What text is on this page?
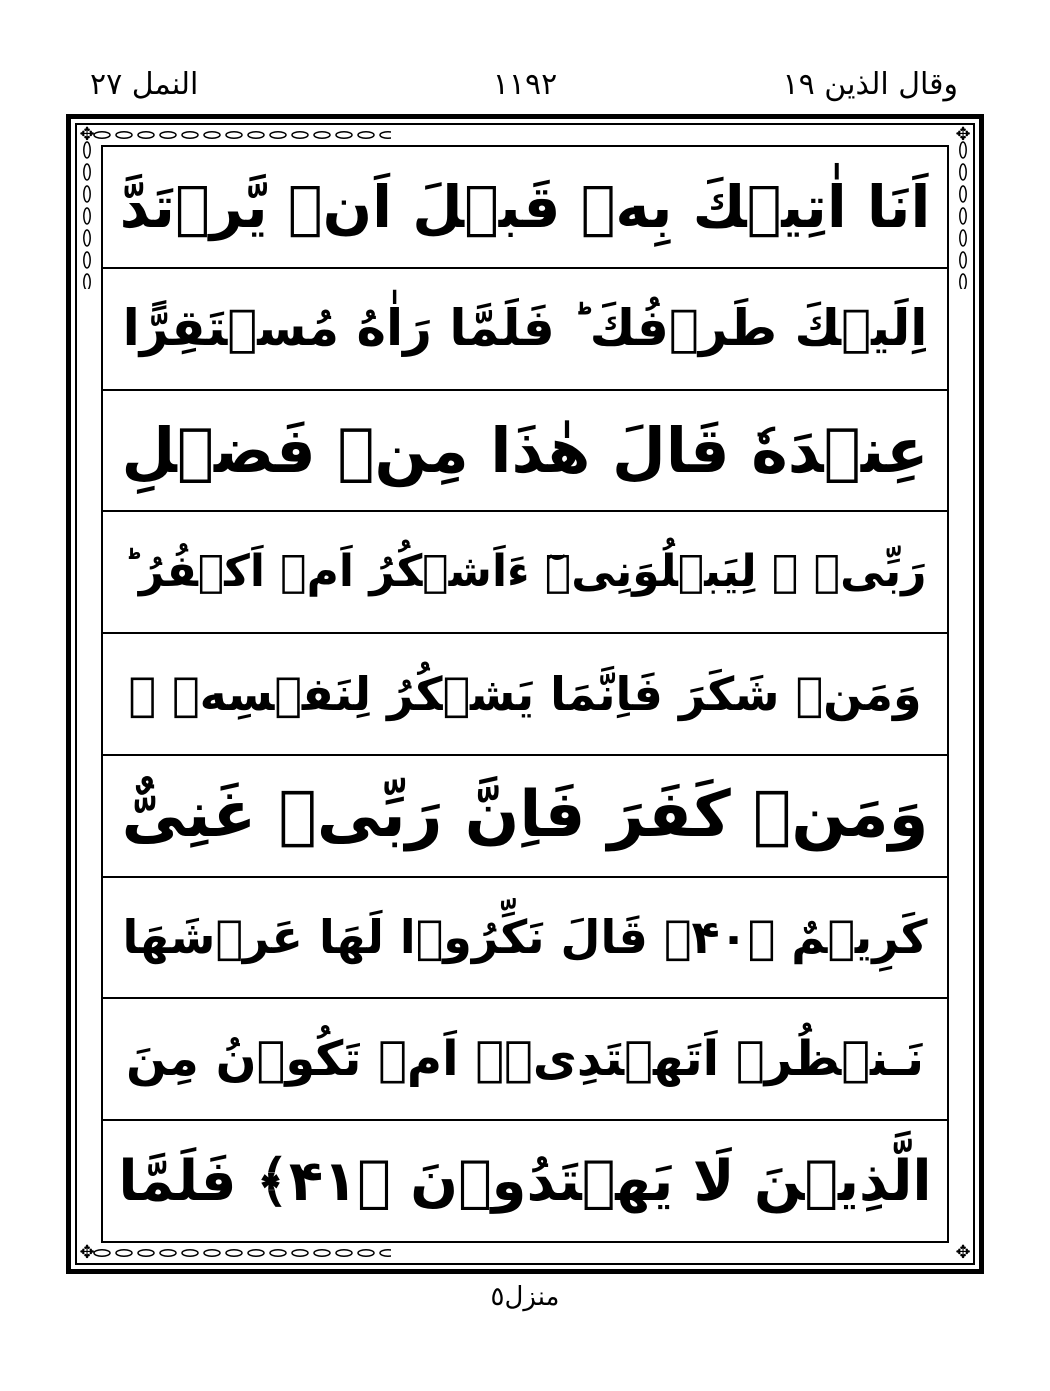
وقال الذين ١٩
١١٩٢
النمل ٢٧
✥	✥
✥	✥
اَنَا اٰتِيۡكَ بِهٖ قَبۡلَ اَنۡ يَّرۡتَدَّ
اِلَيۡكَ طَرۡفُكَ ؕ فَلَمَّا رَاٰهُ مُسۡتَقِرًّا
عِنۡدَهٗ قَالَ هٰذَا مِنۡ فَضۡلِ
رَبِّىۡ ۖ لِيَبۡلُوَنِىۡٓ ءَاَشۡكُرُ اَمۡ اَكۡفُرُ ؕ
وَمَنۡ شَكَرَ فَاِنَّمَا يَشۡكُرُ لِنَفۡسِهٖ ۚ
وَمَنۡ كَفَرَ فَاِنَّ رَبِّىۡ غَنِىٌّ
كَرِيۡمٌ ﴿۴۰﴾ قَالَ نَكِّرُوۡا لَهَا عَرۡشَهَا
نَـنۡظُرۡ اَتَهۡتَدِىۡۤ اَمۡ تَكُوۡنُ مِنَ
الَّذِيۡنَ لَا يَهۡتَدُوۡنَ ﴿۴۱﴾ فَلَمَّا
منزل٥
